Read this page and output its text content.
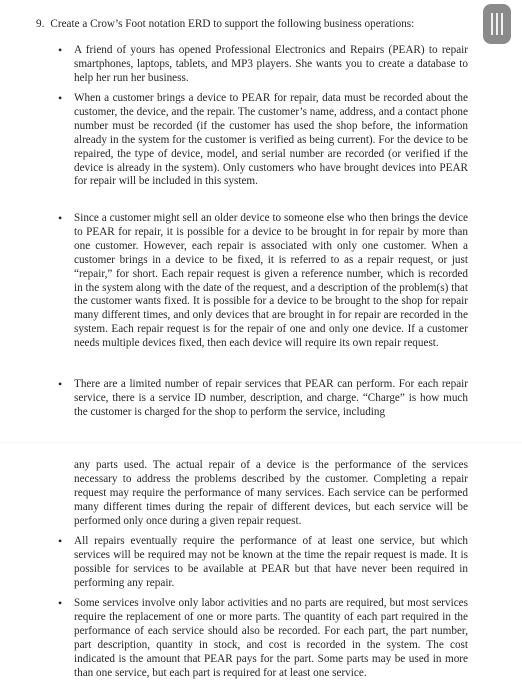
9. Create a Crow’s Foot notation ERD to support the following business operations:
• A friend of yours has opened Professional Electronics and Repairs (PEAR) to repair smartphones, laptops, tablets, and MP3 players. She wants you to create a database to help her run her business.
• When a customer brings a device to PEAR for repair, data must be recorded about the customer, the device, and the repair. The customer’s name, address, and a contact phone number must be recorded (if the customer has used the shop before, the information already in the system for the customer is verified as being current). For the device to be repaired, the type of device, model, and serial number are recorded (or verified if the device is already in the system). Only customers who have brought devices into PEAR for repair will be included in this system.
• Since a customer might sell an older device to someone else who then brings the device to PEAR for repair, it is possible for a device to be brought in for repair by more than one customer. However, each repair is associated with only one customer. When a customer brings in a device to be fixed, it is referred to as a repair request, or just “repair,” for short. Each repair request is given a reference number, which is recorded in the system along with the date of the request, and a description of the problem(s) that the customer wants fixed. It is possible for a device to be brought to the shop for repair many different times, and only devices that are brought in for repair are recorded in the system. Each repair request is for the repair of one and only one device. If a customer needs multiple devices fixed, then each device will require its own repair request.
• There are a limited number of repair services that PEAR can perform. For each repair service, there is a service ID number, description, and charge. “Charge” is how much the customer is charged for the shop to perform the service, including
any parts used. The actual repair of a device is the performance of the services necessary to address the problems described by the customer. Completing a repair request may require the performance of many services. Each service can be performed many different times during the repair of different devices, but each service will be performed only once during a given repair request.
• All repairs eventually require the performance of at least one service, but which services will be required may not be known at the time the repair request is made. It is possible for services to be available at PEAR but that have never been required in performing any repair.
• Some services involve only labor activities and no parts are required, but most services require the replacement of one or more parts. The quantity of each part required in the performance of each service should also be recorded. For each part, the part number, part description, quantity in stock, and cost is recorded in the system. The cost indicated is the amount that PEAR pays for the part. Some parts may be used in more than one service, but each part is required for at least one service.
